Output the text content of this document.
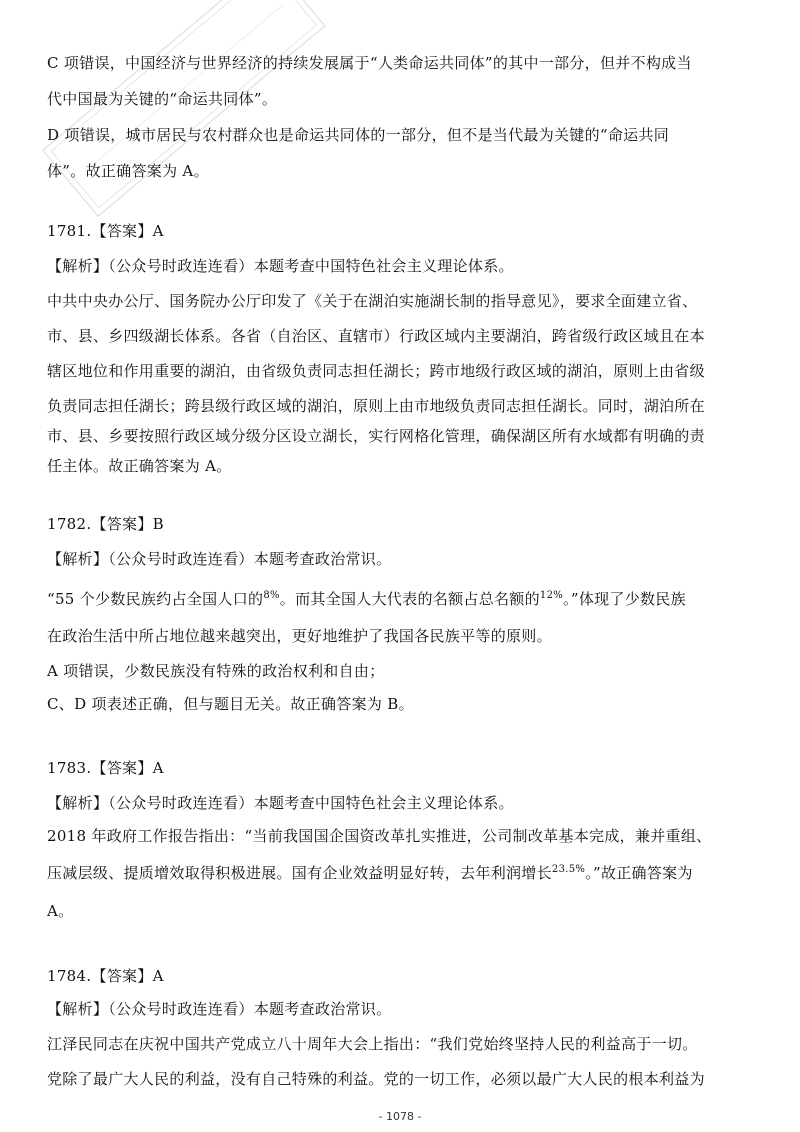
C 项错误，中国经济与世界经济的持续发展属于“人类命运共同体”的其中一部分，但并不构成当
代中国最为关键的“命运共同体”。
D 项错误，城市居民与农村群众也是命运共同体的一部分，但不是当代最为关键的“命运共同
体”。故正确答案为 A。
1781.【答案】A
【解析】（公众号时政连连看）本题考查中国特色社会主义理论体系。
中共中央办公厅、国务院办公厅印发了《关于在湖泊实施湖长制的指导意见》，要求全面建立省、
市、县、乡四级湖长体系。各省（自治区、直辖市）行政区域内主要湖泊，跨省级行政区域且在本
辖区地位和作用重要的湖泊，由省级负责同志担任湖长；跨市地级行政区域的湖泊，原则上由省级
负责同志担任湖长；跨县级行政区域的湖泊，原则上由市地级负责同志担任湖长。同时，湖泊所在
市、县、乡要按照行政区域分级分区设立湖长，实行网格化管理，确保湖区所有水域都有明确的责
任主体。故正确答案为 A。
1782.【答案】B
【解析】（公众号时政连连看）本题考查政治常识。
“55 个少数民族约占全国人口的$^{8\%}$。而其全国人大代表的名额占总名额的$^{12\%}$。”体现了少数民族
在政治生活中所占地位越来越突出，更好地维护了我国各民族平等的原则。
A 项错误，少数民族没有特殊的政治权利和自由；
C、D 项表述正确，但与题目无关。故正确答案为 B。
1783.【答案】A
【解析】（公众号时政连连看）本题考查中国特色社会主义理论体系。
2018 年政府工作报告指出：“当前我国国企国资改革扎实推进，公司制改革基本完成，兼并重组、
压减层级、提质增效取得积极进展。国有企业效益明显好转，去年利润增长$^{23.5\%}$。”故正确答案为
A。
1784.【答案】A
【解析】（公众号时政连连看）本题考查政治常识。
江泽民同志在庆祝中国共产党成立八十周年大会上指出：“我们党始终坚持人民的利益高于一切。
党除了最广大人民的利益，没有自己特殊的利益。党的一切工作，必须以最广大人民的根本利益为
- 1078 -
